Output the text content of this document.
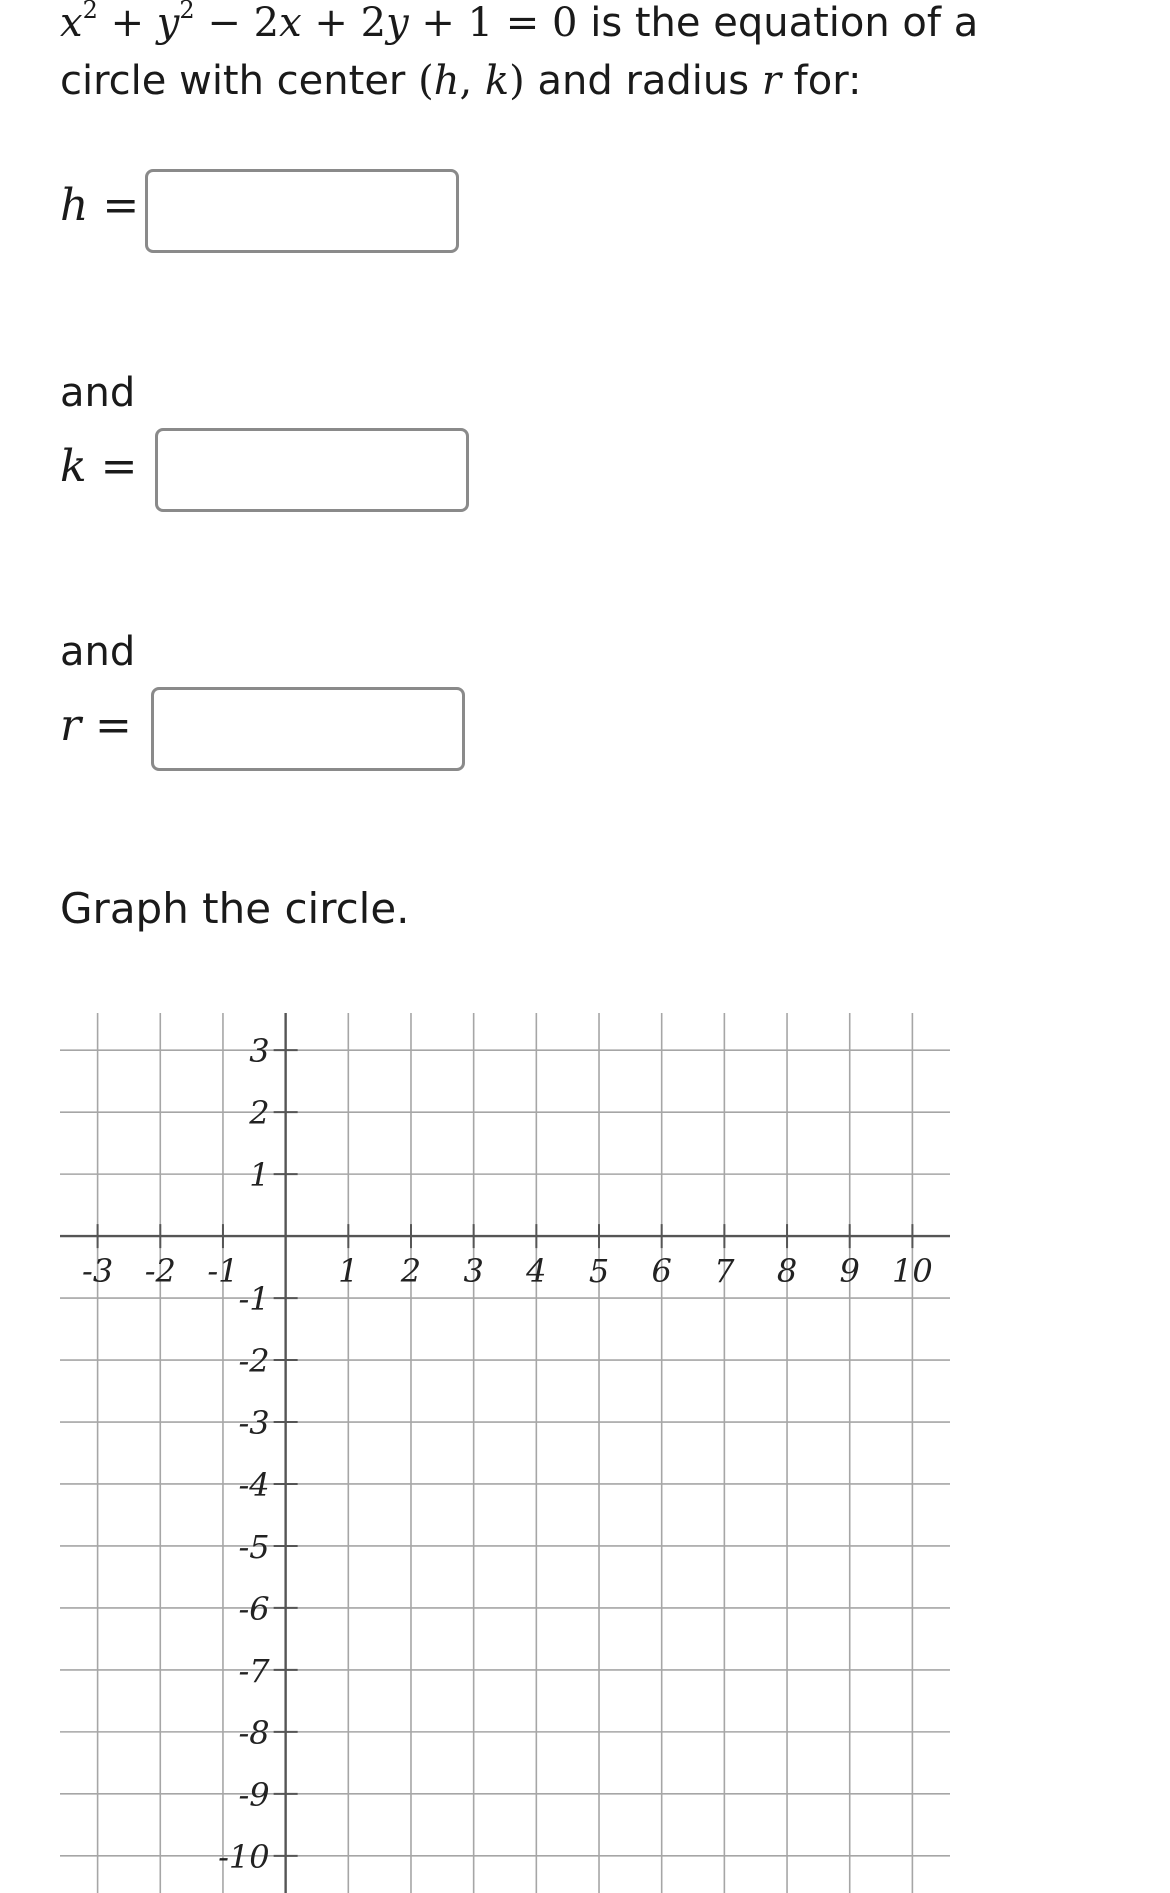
$x^2 + y^2 - 2x + 2y + 1 = 0$ is the equation of a
circle with center (h, k) and radius r for:
h =
and
k =
and
r =
Graph the circle.
-3 -2 -1	1 2 3 4 5 6 7 8 9 10
3
2
1
-1
-2
-3
-4
-5
-6
-7
-8
-9
-10
